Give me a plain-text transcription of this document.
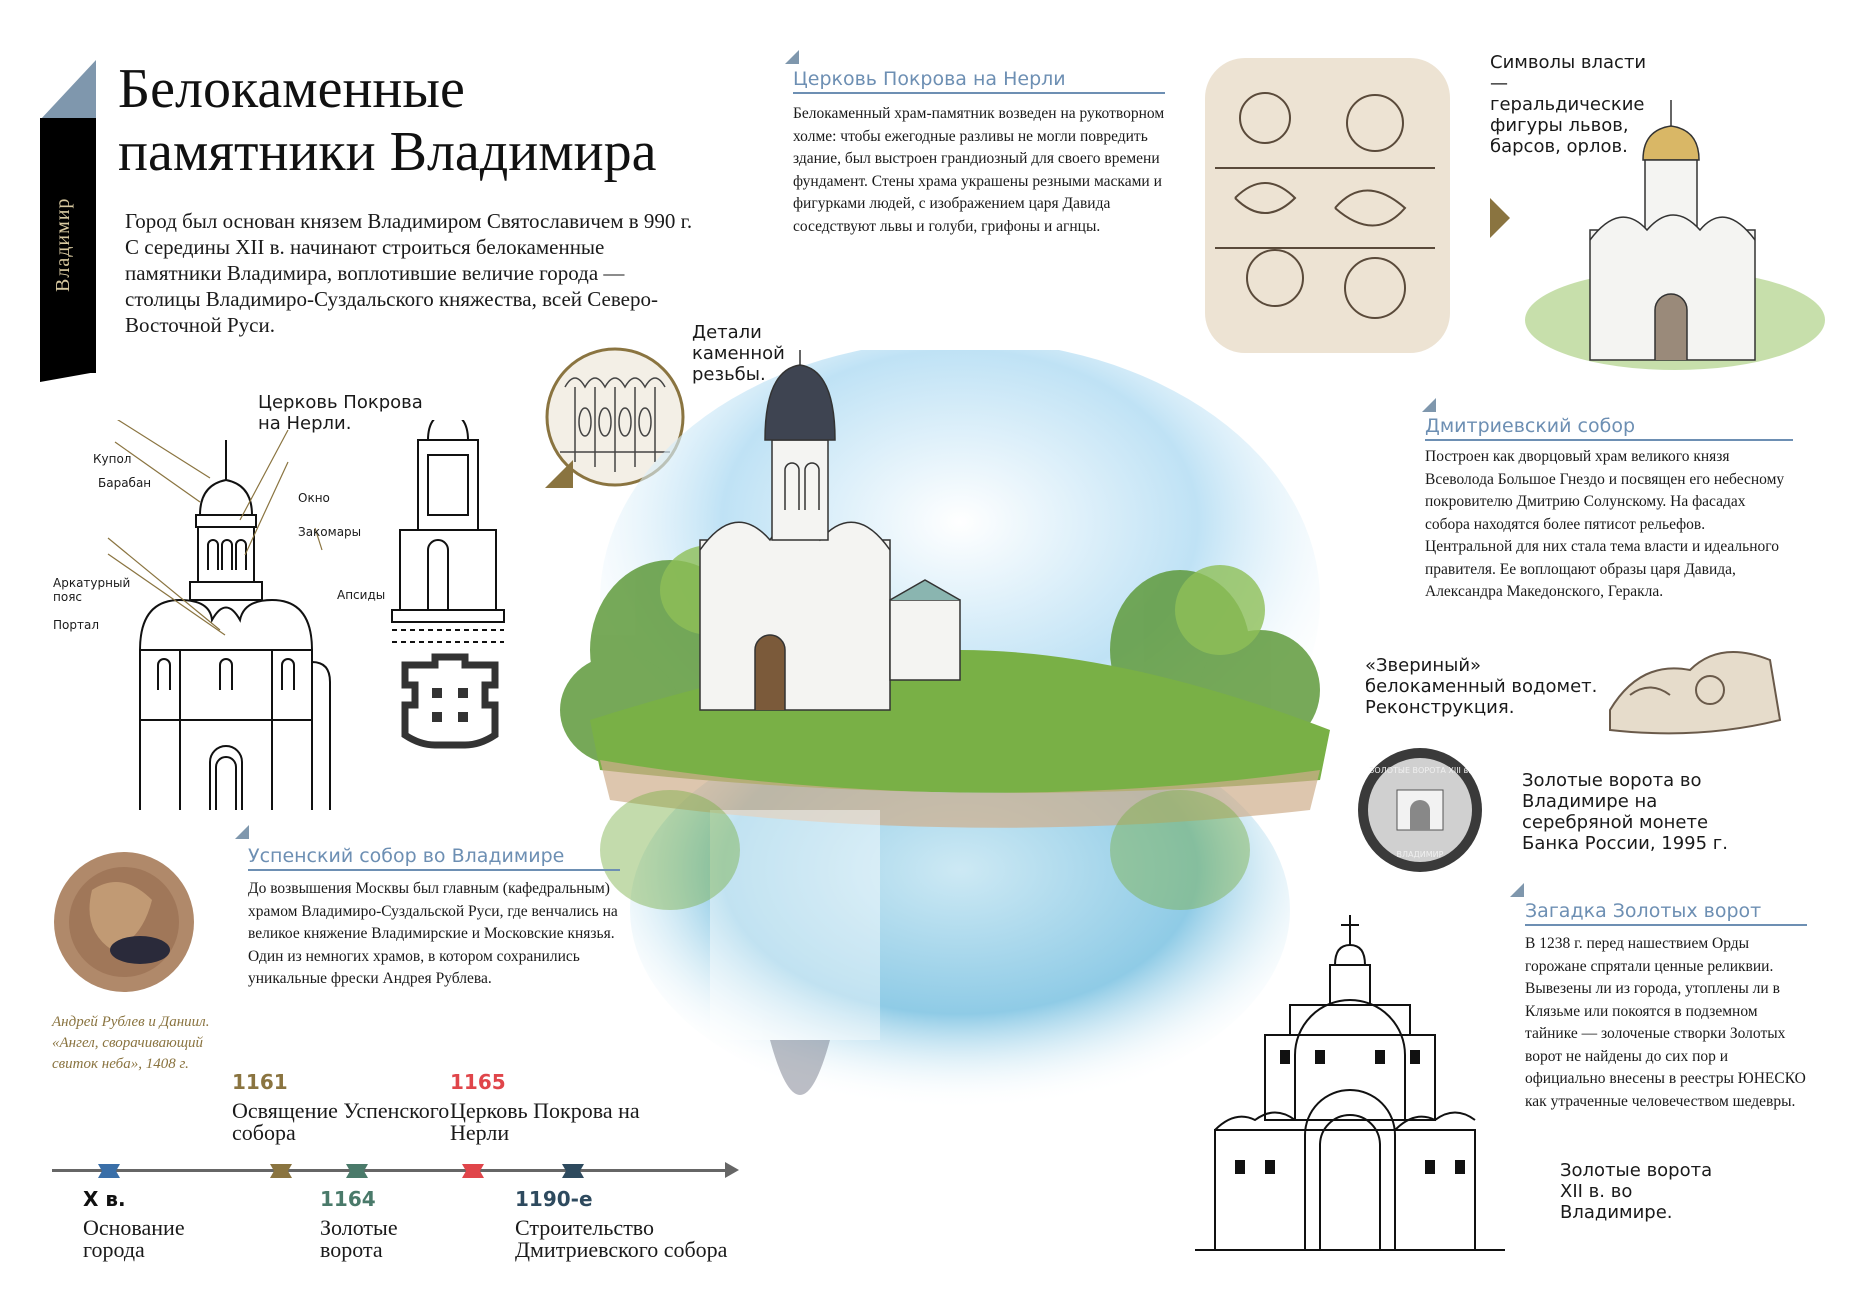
Владимир
Белокаменные
памятники Владимира
Город был основан князем Владимиром Святославичем в 990 г. С середины XII в. начинают строиться белокаменные памятники Владимира, воплотившие величие города — столицы Владимиро-Суздальского княжества, всей Северо-Восточной Руси.
Церковь Покрова
на Нерли.
Купол
Барабан
Окно
Закомары
Аркатурный
пояс	Апсиды
Портал
Детали каменной резьбы.
Церковь Покрова на Нерли
Белокаменный храм-памятник возведен на рукотворном холме: чтобы ежегодные разливы не могли повредить здание, был выстроен грандиозный для своего времени фундамент. Стены храма украшены резными масками и фигурками людей, с изображением царя Давида соседствуют львы и голуби, грифоны и агнцы.
Символы власти — геральдические фигуры львов, барсов, орлов.
Дмитриевский собор
Построен как дворцовый храм великого князя Всеволода Большое Гнездо и посвящен его небесному покровителю Дмитрию Солунскому. На фасадах собора находятся более пятисот рельефов. Центральной для них стала тема власти и идеального правителя. Ее воплощают образы царя Давида, Александра Македонского, Геракла.
«Звериный» белокаменный водомет. Реконструкция.
ЗОЛОТЫЕ ВОРОТА XIII в.
ВЛАДИМИР
Золотые ворота во Владимире на серебряной монете Банка России, 1995 г.
Загадка Золотых ворот
В 1238 г. перед нашествием Орды горожане спрятали ценные реликвии. Вывезены ли из города, утоплены ли в Клязьме или покоятся в подземном тайнике — золоченые створки Золотых ворот не найдены до сих пор и официально внесены в реестры ЮНЕСКО как утраченные человечеством шедевры.
Золотые ворота XII в. во Владимире.
Успенский собор во Владимире
До возвышения Москвы был главным (кафедральным) храмом Владимиро-Суздальской Руси, где венчались на великое княжение Владимирские и Московские князья. Один из немногих храмов, в котором сохранились уникальные фрески Андрея Рублева.
Андрей Рублев и Даниил. «Ангел, сворачивающий свиток неба», 1408 г.
1161
Освящение Успенского собора
1165
Церковь Покрова на Нерли
X в.
Основание города
1164
Золотые ворота
1190-е
Строительство Дмитриевского собора
